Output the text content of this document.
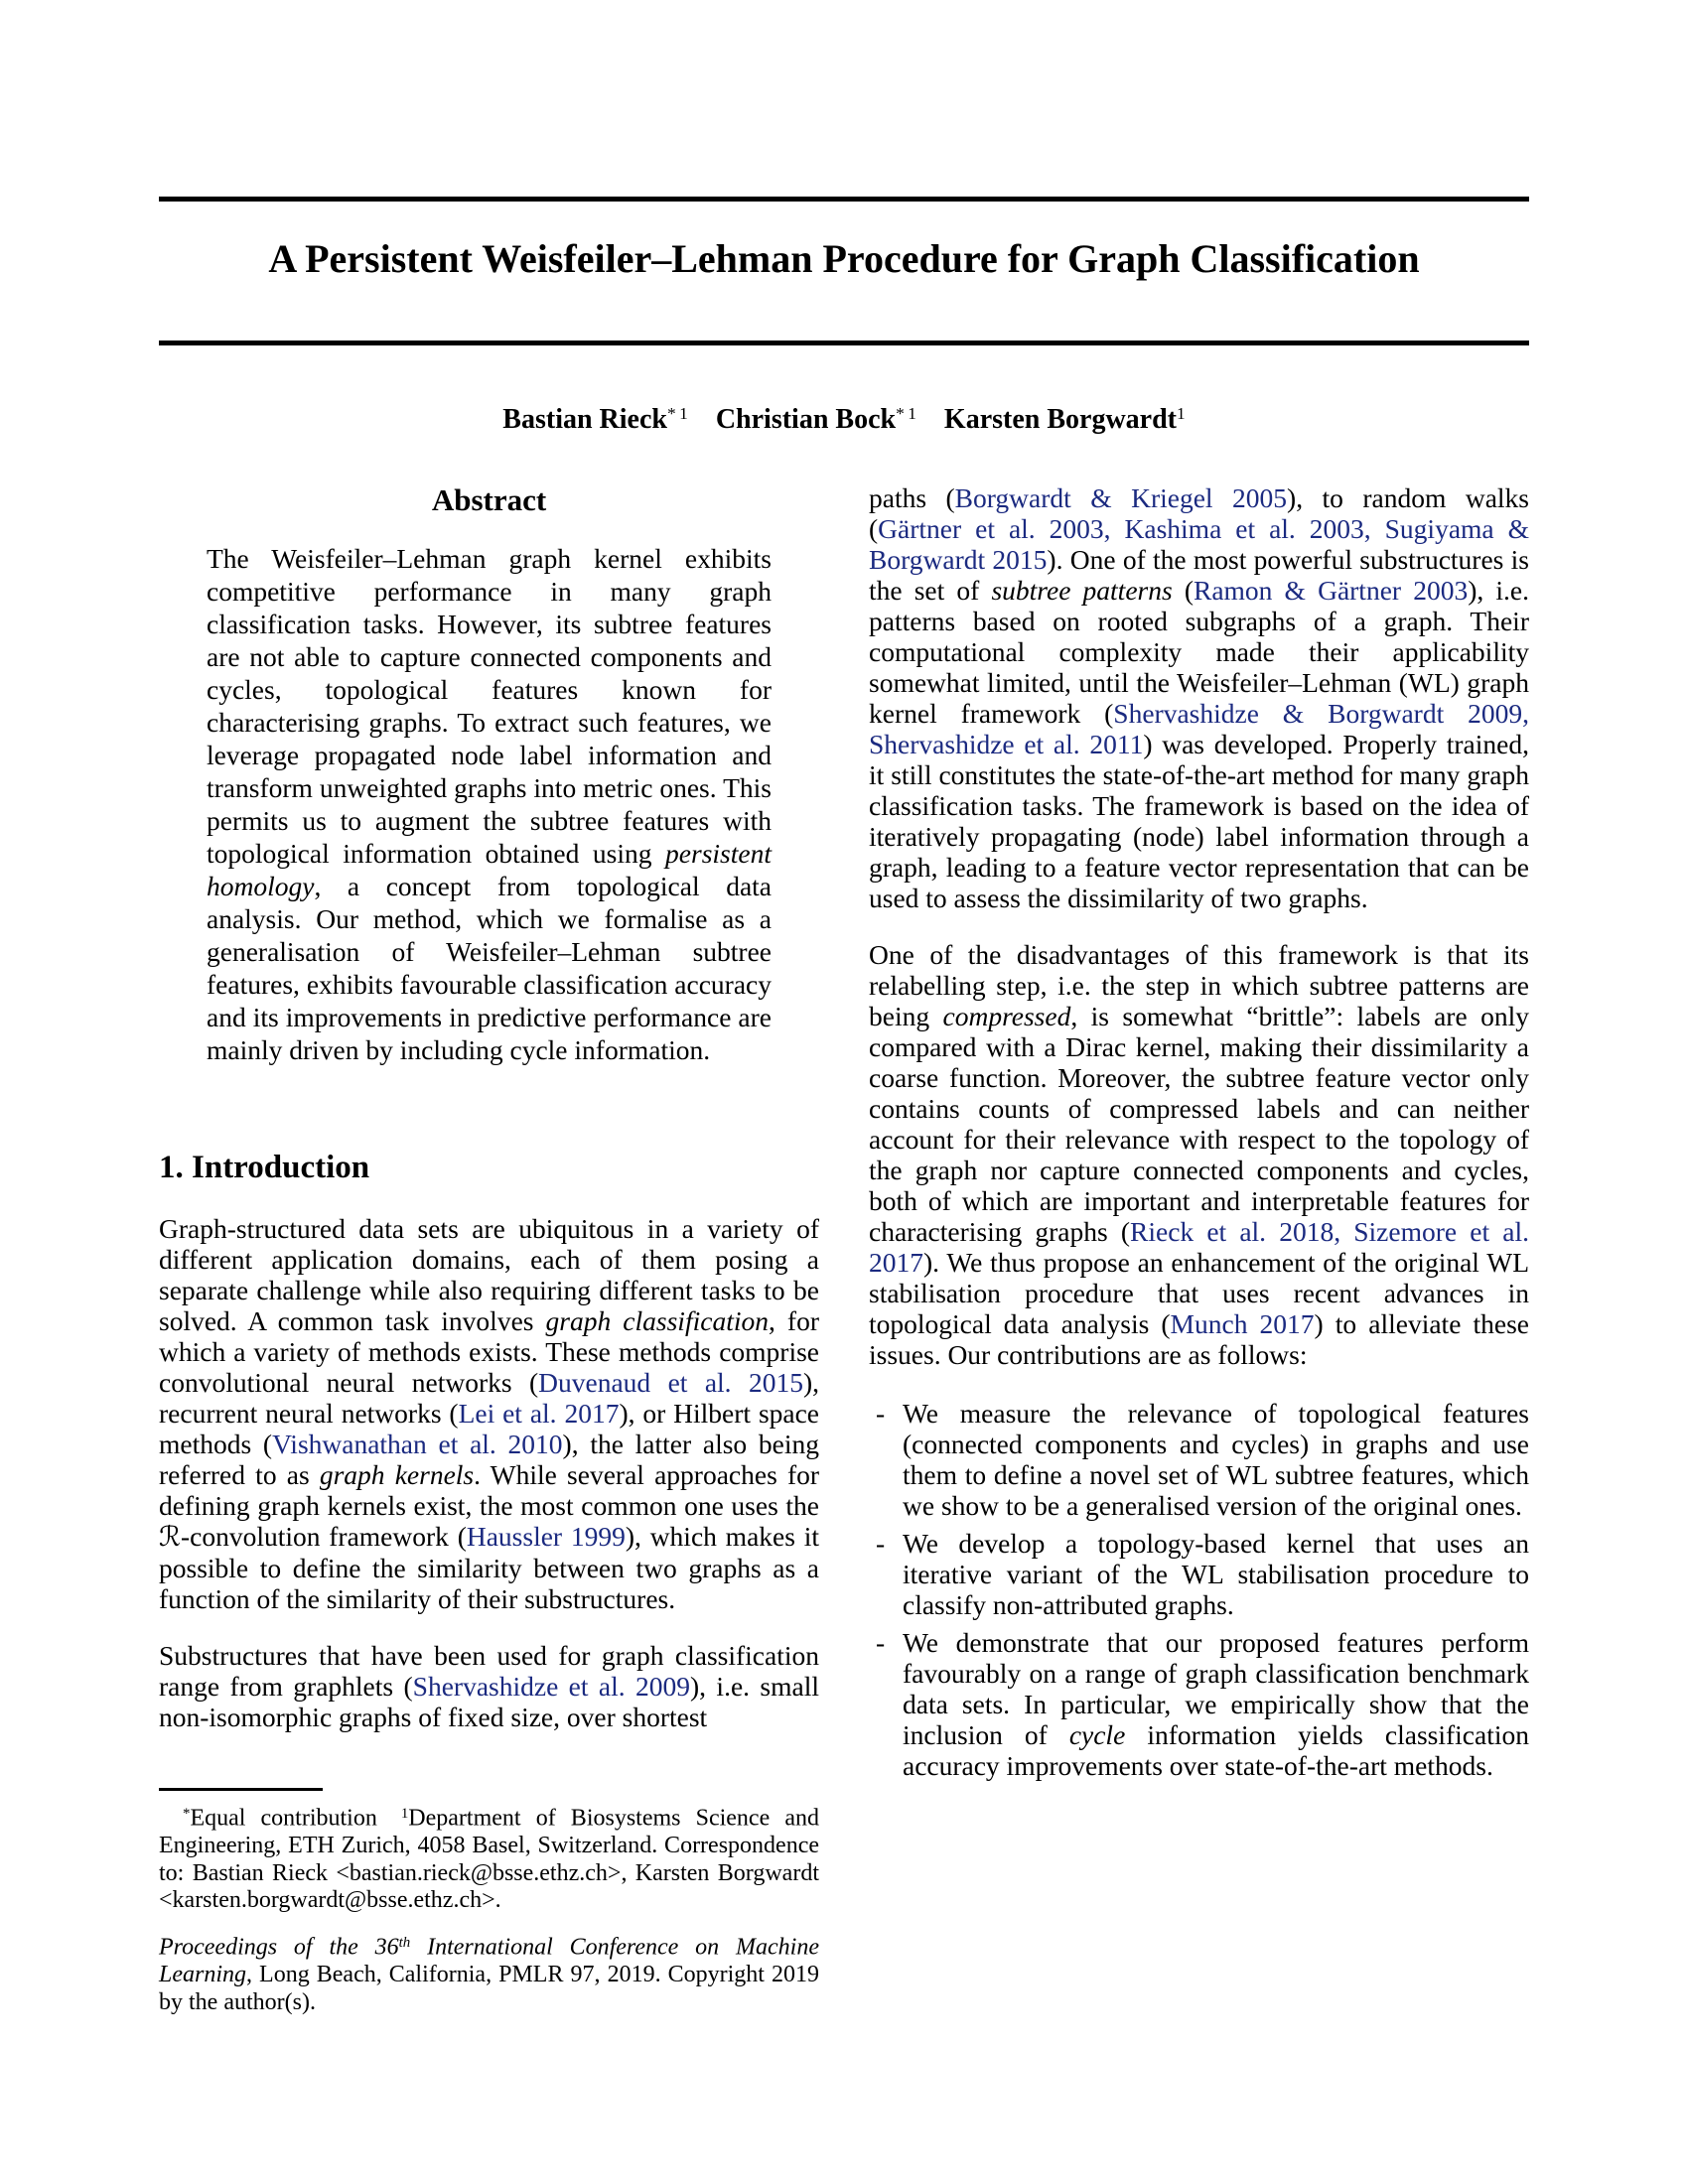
A Persistent Weisfeiler–Lehman Procedure for Graph Classification
Bastian Rieck$^{* 1}$  Christian Bock$^{* 1}$  Karsten Borgwardt$^1$
Abstract

The Weisfeiler–Lehman graph kernel exhibits competitive performance in many graph classification tasks. However, its subtree features are not able to capture connected components and cycles, topological features known for characterising graphs. To extract such features, we leverage propagated node label information and transform unweighted graphs into metric ones. This permits us to augment the subtree features with topological information obtained using persistent homology, a concept from topological data analysis. Our method, which we formalise as a generalisation of Weisfeiler–Lehman subtree features, exhibits favourable classification accuracy and its improvements in predictive performance are mainly driven by including cycle information.

1. Introduction

Graph-structured data sets are ubiquitous in a variety of different application domains, each of them posing a separate challenge while also requiring different tasks to be solved. A common task involves graph classification, for which a variety of methods exists. These methods comprise convolutional neural networks (Duvenaud et al. 2015), recurrent neural networks (Lei et al. 2017), or Hilbert space methods (Vishwanathan et al. 2010), the latter also being referred to as graph kernels. While several approaches for defining graph kernels exist, the most common one uses the ℛ-convolution framework (Haussler 1999), which makes it possible to define the similarity between two graphs as a function of the similarity of their substructures.

Substructures that have been used for graph classification range from graphlets (Shervashidze et al. 2009), i.e. small non-isomorphic graphs of fixed size, over shortest

*Equal contribution $^1$Department of Biosystems Science and Engineering, ETH Zurich, 4058 Basel, Switzerland. Correspondence to: Bastian Rieck <bastian.rieck@bsse.ethz.ch>, Karsten Borgwardt <karsten.borgwardt@bsse.ethz.ch>.

Proceedings of the 36th International Conference on Machine Learning, Long Beach, California, PMLR 97, 2019. Copyright 2019 by the author(s).

paths (Borgwardt & Kriegel 2005), to random walks (Gärtner et al. 2003, Kashima et al. 2003, Sugiyama & Borgwardt 2015). One of the most powerful substructures is the set of subtree patterns (Ramon & Gärtner 2003), i.e. patterns based on rooted subgraphs of a graph. Their computational complexity made their applicability somewhat limited, until the Weisfeiler–Lehman (WL) graph kernel framework (Shervashidze & Borgwardt 2009, Shervashidze et al. 2011) was developed. Properly trained, it still constitutes the state-of-the-art method for many graph classification tasks. The framework is based on the idea of iteratively propagating (node) label information through a graph, leading to a feature vector representation that can be used to assess the dissimilarity of two graphs.

One of the disadvantages of this framework is that its relabelling step, i.e. the step in which subtree patterns are being compressed, is somewhat “brittle”: labels are only compared with a Dirac kernel, making their dissimilarity a coarse function. Moreover, the subtree feature vector only contains counts of compressed labels and can neither account for their relevance with respect to the topology of the graph nor capture connected components and cycles, both of which are important and interpretable features for characterising graphs (Rieck et al. 2018, Sizemore et al. 2017). We thus propose an enhancement of the original WL stabilisation procedure that uses recent advances in topological data analysis (Munch 2017) to alleviate these issues. Our contributions are as follows:

- We measure the relevance of topological features (connected components and cycles) in graphs and use them to define a novel set of WL subtree features, which we show to be a generalised version of the original ones.
- We develop a topology-based kernel that uses an iterative variant of the WL stabilisation procedure to classify non-attributed graphs.
- We demonstrate that our proposed features perform favourably on a range of graph classification benchmark data sets. In particular, we empirically show that the inclusion of cycle information yields classification accuracy improvements over state-of-the-art methods.
